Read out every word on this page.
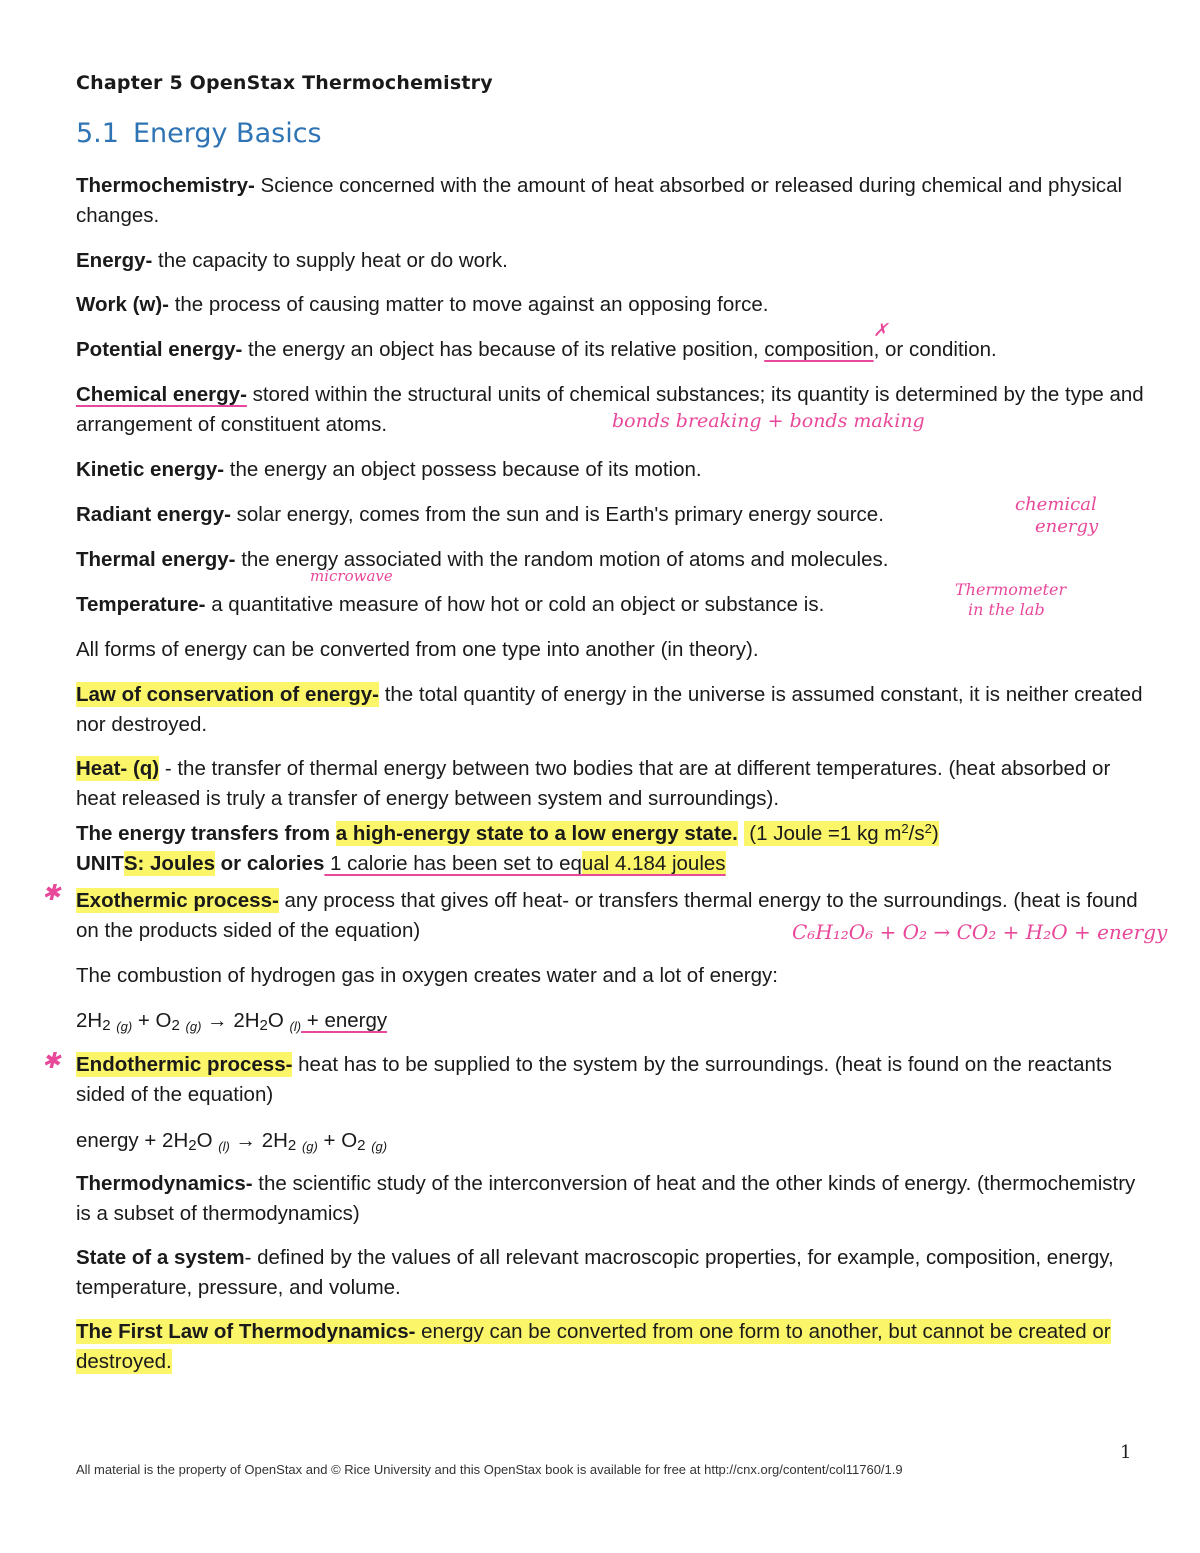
Chapter 5 OpenStax Thermochemistry
5.1 Energy Basics
Thermochemistry- Science concerned with the amount of heat absorbed or released during chemical and physical changes.
Energy- the capacity to supply heat or do work.
Work (w)- the process of causing matter to move against an opposing force.
✗
Potential energy- the energy an object has because of its relative position, composition, or condition.
Chemical energy- stored within the structural units of chemical substances; its quantity is determined by the type and arrangement of constituent atoms.	bonds breaking + bonds making
Kinetic energy- the energy an object possess because of its motion.
Radiant energy- solar energy, comes from the sun and is Earth's primary energy source.	chemical
energy
Thermal energy- the energy associated with the random motion of atoms and molecules.
microwave
Temperature- a quantitative measure of how hot or cold an object or substance is.
Thermometer
in the lab
All forms of energy can be converted from one type into another (in theory).
Law of conservation of energy- the total quantity of energy in the universe is assumed constant, it is neither created nor destroyed.
Heat- (q) - the transfer of thermal energy between two bodies that are at different temperatures. (heat absorbed or heat released is truly a transfer of energy between system and surroundings).
The energy transfers from a high-energy state to a low energy state. (1 Joule =1 kg $m^2/s^2$)
UNITS: Joules or calories 1 calorie has been set to equal 4.184 joules
✱ Exothermic process- any process that gives off heat- or transfers thermal energy to the surroundings. (heat is found on the products sided of the equation)	C₆H₁₂O₆ + O₂ → CO₂ + H₂O + energy
The combustion of hydrogen gas in oxygen creates water and a lot of energy:
2H2 $_{(g)}$ + O2 $_{(g)}$ → 2H2O $_{(l)}$ + energy
✱ Endothermic process- heat has to be supplied to the system by the surroundings. (heat is found on the reactants sided of the equation)
energy + 2H2O $_{(l)}$ → 2H2 $_{(g)}$ + O2 $_{(g)}$
Thermodynamics- the scientific study of the interconversion of heat and the other kinds of energy. (thermochemistry is a subset of thermodynamics)
State of a system- defined by the values of all relevant macroscopic properties, for example, composition, energy, temperature, pressure, and volume.
The First Law of Thermodynamics- energy can be converted from one form to another, but cannot be created or destroyed.
1
All material is the property of OpenStax and © Rice University and this OpenStax book is available for free at http://cnx.org/content/col11760/1.9
